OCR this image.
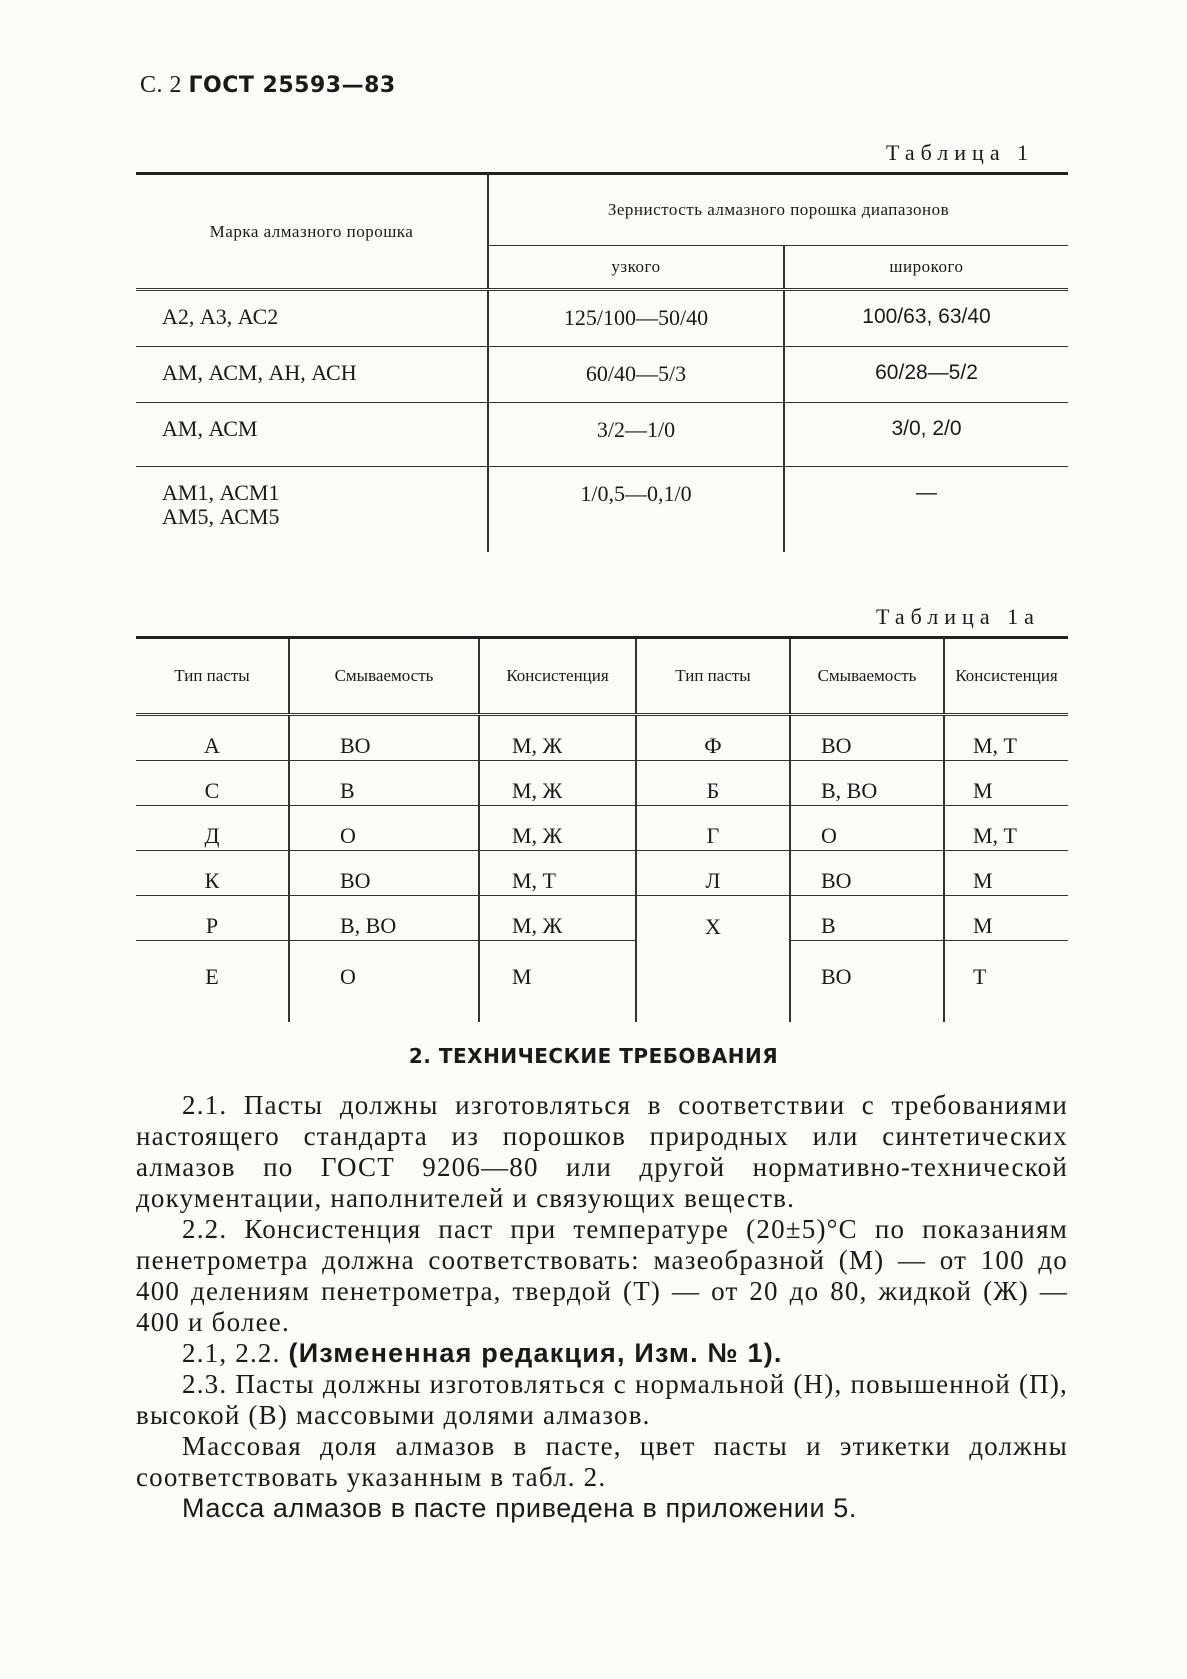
С. 2 ГОСТ 25593—83
Таблица 1
Марка алмазного порошка	Зернистость алмазного порошка диапазонов	
	узкого	широкого

А2, А3, АС2	125/100—50/40	100/63, 63/40

АМ, АСМ, АН, АСН	60/40—5/3	60/28—5/2

АМ, АСМ	3/2—1/0	3/0, 2/0

АМ1, АСМ1
АМ5, АСМ5	1/0,5—0,1/0	—
Таблица 1а
Тип пасты	Смываемость	Консистенция	Тип пасты	Смываемость	Консистенция
А	ВО	М, Ж	Ф	ВО	М, Т
С	В	М, Ж	Б	В, ВО	М
Д	О	М, Ж	Г	О	М, Т
К	ВО	М, Т	Л	ВО	М
Р	В, ВО	М, Ж	Х	В	М
Е	О	М		ВО	Т
2. ТЕХНИЧЕСКИЕ ТРЕБОВАНИЯ

2.1. Пасты должны изготовляться в соответствии с требованиями настоящего стандарта из порошков природных или синтетических алмазов по ГОСТ 9206—80 или другой нормативно-технической документации, наполнителей и связующих веществ.

2.2. Консистенция паст при температуре (20±5)°С по показаниям пенетрометра должна соответствовать: мазеобразной (М) — от 100 до 400 делениям пенетрометра, твердой (Т) — от 20 до 80, жидкой (Ж) — 400 и более.

2.1, 2.2. (Измененная редакция, Изм. № 1).

2.3. Пасты должны изготовляться с нормальной (Н), повышенной (П), высокой (В) массовыми долями алмазов.

Массовая доля алмазов в пасте, цвет пасты и этикетки должны соответствовать указанным в табл. 2.

Масса алмазов в пасте приведена в приложении 5.
